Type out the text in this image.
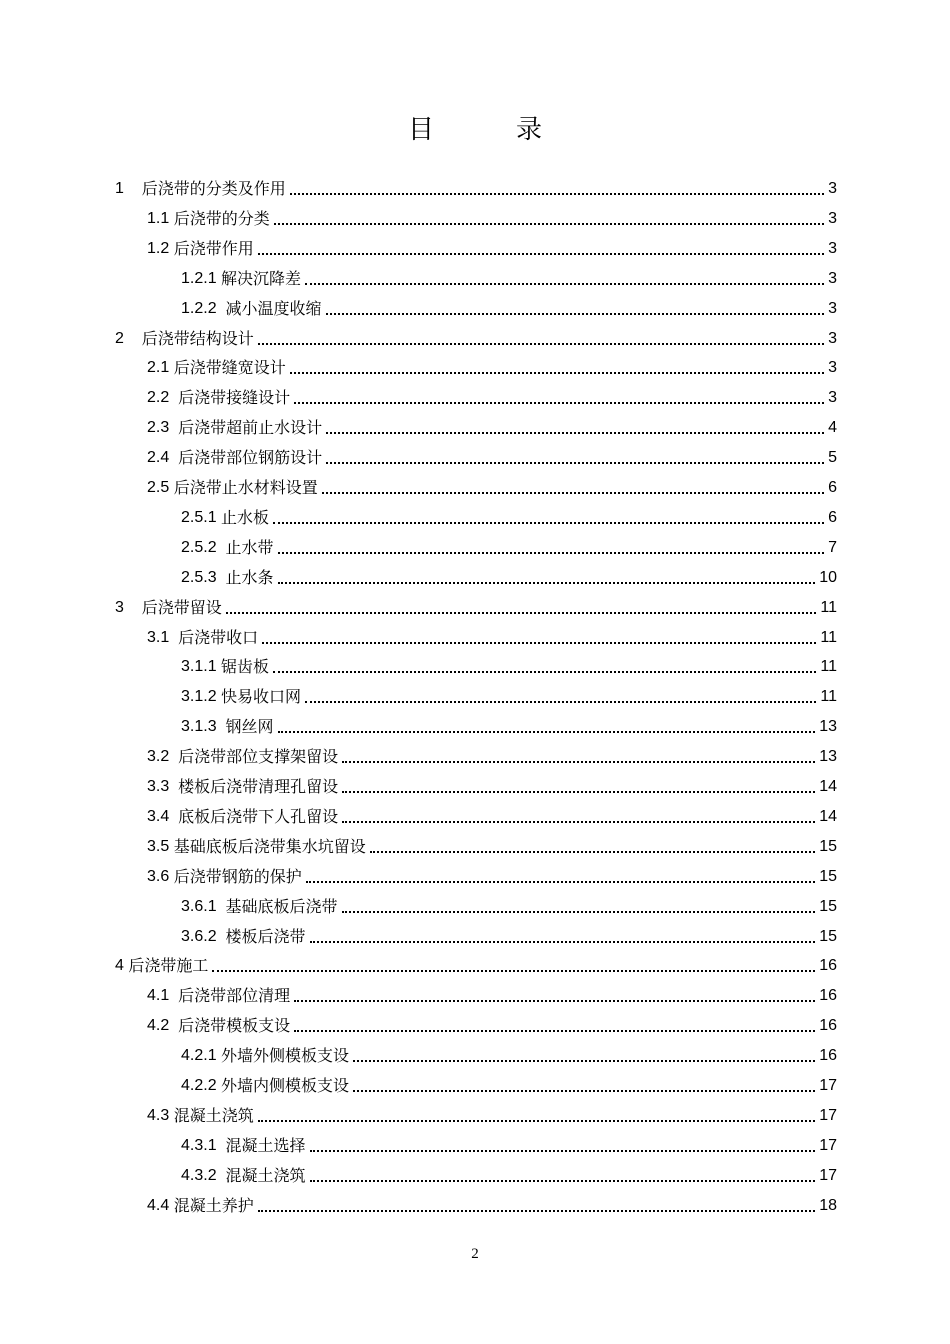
目　录
1 后浇带的分类及作用	3
1.1 后浇带的分类	3
1.2 后浇带作用	3
1.2.1 解决沉降差	3
1.2.2 减小温度收缩	3
2 后浇带结构设计	3
2.1 后浇带缝宽设计	3
2.2 后浇带接缝设计	3
2.3 后浇带超前止水设计	4
2.4 后浇带部位钢筋设计	5
2.5 后浇带止水材料设置	6
2.5.1 止水板	6
2.5.2 止水带	7
2.5.3 止水条	10
3 后浇带留设	11
3.1 后浇带收口	11
3.1.1 锯齿板	11
3.1.2 快易收口网	11
3.1.3 钢丝网	13
3.2 后浇带部位支撑架留设	13
3.3 楼板后浇带清理孔留设	14
3.4 底板后浇带下人孔留设	14
3.5 基础底板后浇带集水坑留设	15
3.6 后浇带钢筋的保护	15
3.6.1 基础底板后浇带	15
3.6.2 楼板后浇带	15
4 后浇带施工	16
4.1 后浇带部位清理	16
4.2 后浇带模板支设	16
4.2.1 外墙外侧模板支设	16
4.2.2 外墙内侧模板支设	17
4.3 混凝土浇筑	17
4.3.1 混凝土选择	17
4.3.2 混凝土浇筑	17
4.4 混凝土养护	18
2
